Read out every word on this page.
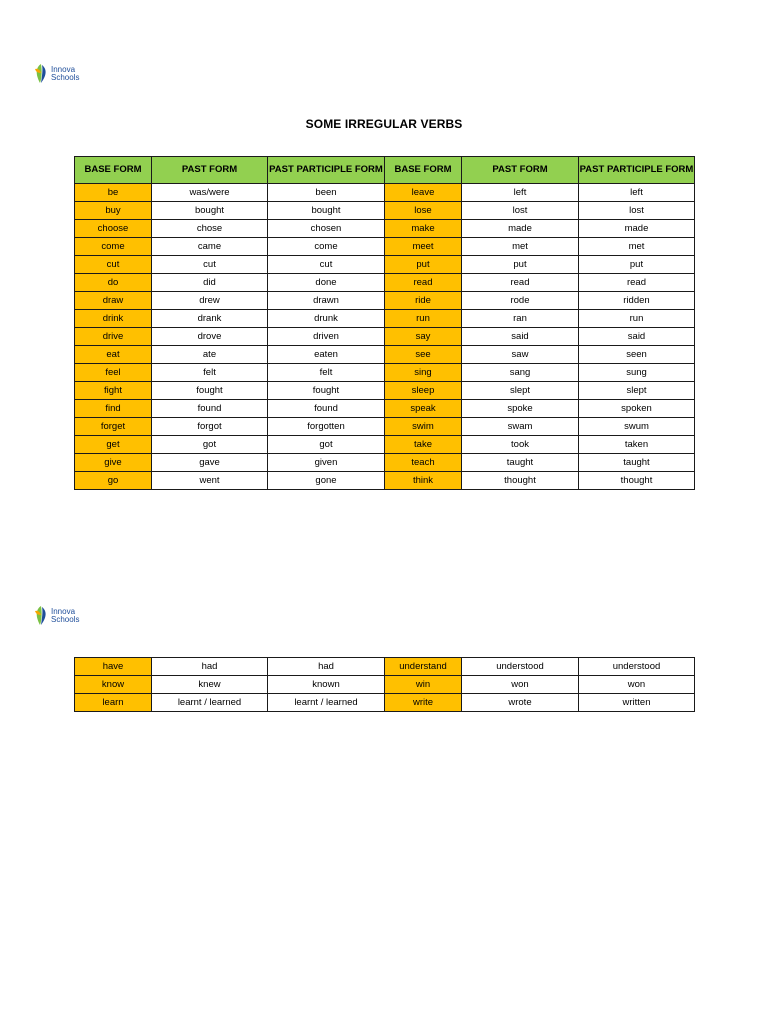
Innova
Schools
SOME IRREGULAR VERBS
BASE FORM	PAST FORM	PAST PARTICIPLE FORM	BASE FORM	PAST FORM	PAST PARTICIPLE FORM
be	was/were	been	leave	left	left
buy	bought	bought	lose	lost	lost
choose	chose	chosen	make	made	made
come	came	come	meet	met	met
cut	cut	cut	put	put	put
do	did	done	read	read	read
draw	drew	drawn	ride	rode	ridden
drink	drank	drunk	run	ran	run
drive	drove	driven	say	said	said
eat	ate	eaten	see	saw	seen
feel	felt	felt	sing	sang	sung
fight	fought	fought	sleep	slept	slept
find	found	found	speak	spoke	spoken
forget	forgot	forgotten	swim	swam	swum
get	got	got	take	took	taken
give	gave	given	teach	taught	taught
go	went	gone	think	thought	thought
Innova
Schools
have	had	had	understand	understood	understood
know	knew	known	win	won	won
learn	learnt / learned	learnt / learned	write	wrote	written
